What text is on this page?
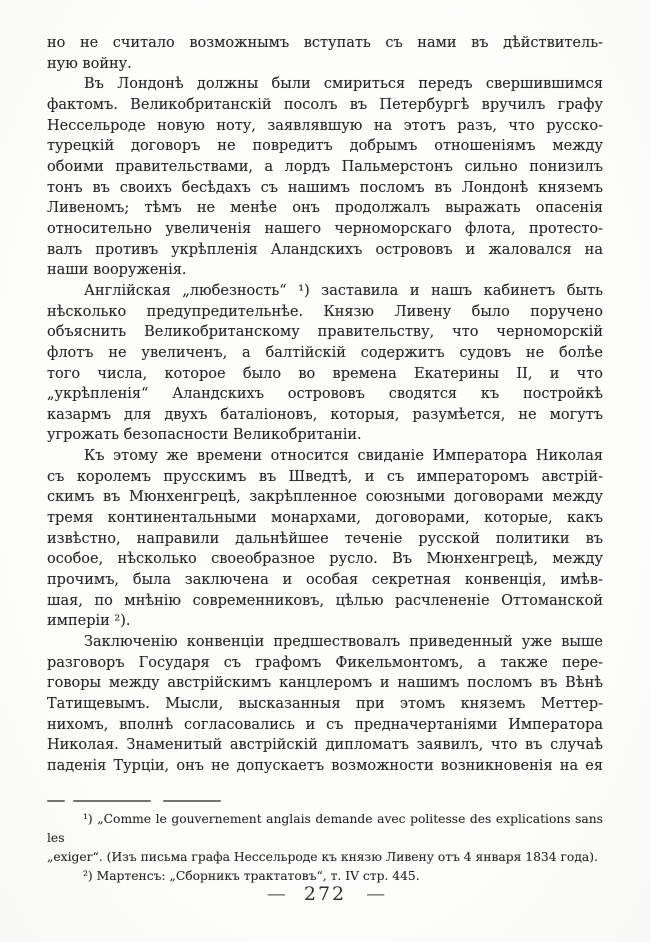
но не считало возможнымъ вступать съ нами въ дѣйствитель-
ную войну.
Въ Лондонѣ должны были смириться передъ свершившимся
фактомъ. Великобританскій посолъ въ Петербургѣ вручилъ графу
Нессельроде новую ноту, заявлявшую на этотъ разъ, что русско-
турецкій договоръ не повредитъ добрымъ отношеніямъ между
обоими правительствами, а лордъ Пальмерстонъ сильно понизилъ
тонъ въ своихъ бесѣдахъ съ нашимъ посломъ въ Лондонѣ княземъ
Ливеномъ; тѣмъ не менѣе онъ продолжалъ выражать опасенія
относительно увеличенія нашего черноморскаго флота, протесто-
валъ противъ укрѣпленія Аландскихъ острововъ и жаловался на
наши вооруженія.
Англійская „любезность“ ¹) заставила и нашъ кабинетъ быть
нѣсколько предупредительнѣе. Князю Ливену было поручено
объяснить Великобританскому правительству, что черноморскій
флотъ не увеличенъ, а балтійскій содержитъ судовъ не болѣе
того числа, которое было во времена Екатерины II, и что
„укрѣпленія“ Аландскихъ острововъ сводятся къ постройкѣ
казармъ для двухъ баталіоновъ, которыя, разумѣется, не могутъ
угрожать безопасности Великобританіи.
Къ этому же времени относится свиданіе Императора Николая
съ королемъ прусскимъ въ Шведтѣ, и съ императоромъ австрій-
скимъ въ Мюнхенгрецѣ, закрѣпленное союзными договорами между
тремя континентальными монархами, договорами, которые, какъ
извѣстно, направили дальнѣйшее теченіе русской политики въ
особое, нѣсколько своеобразное русло. Въ Мюнхенгрецѣ, между
прочимъ, была заключена и особая секретная конвенція, имѣв-
шая, по мнѣнію современниковъ, цѣлью расчлененіе Оттоманской
имперіи ²).
Заключенію конвенціи предшествовалъ приведенный уже выше
разговоръ Государя съ графомъ Фикельмонтомъ, а также пере-
говоры между австрійскимъ канцлеромъ и нашимъ посломъ въ Вѣнѣ
Татищевымъ. Мысли, высказанныя при этомъ княземъ Меттер-
нихомъ, вполнѣ согласовались и съ предначертаніями Императора
Николая. Знаменитый австрійскій дипломатъ заявилъ, что въ случаѣ
паденія Турціи, онъ не допускаетъ возможности возникновенія на ея
¹) „Comme le gouvernement anglais demande avec politesse des explications sans les
„exiger“. (Изъ письма графа Нессельроде къ князю Ливену отъ 4 января 1834 года).
²) Мартенсъ: „Сборникъ трактатовъ“, т. IV стр. 445.
— 272 —
